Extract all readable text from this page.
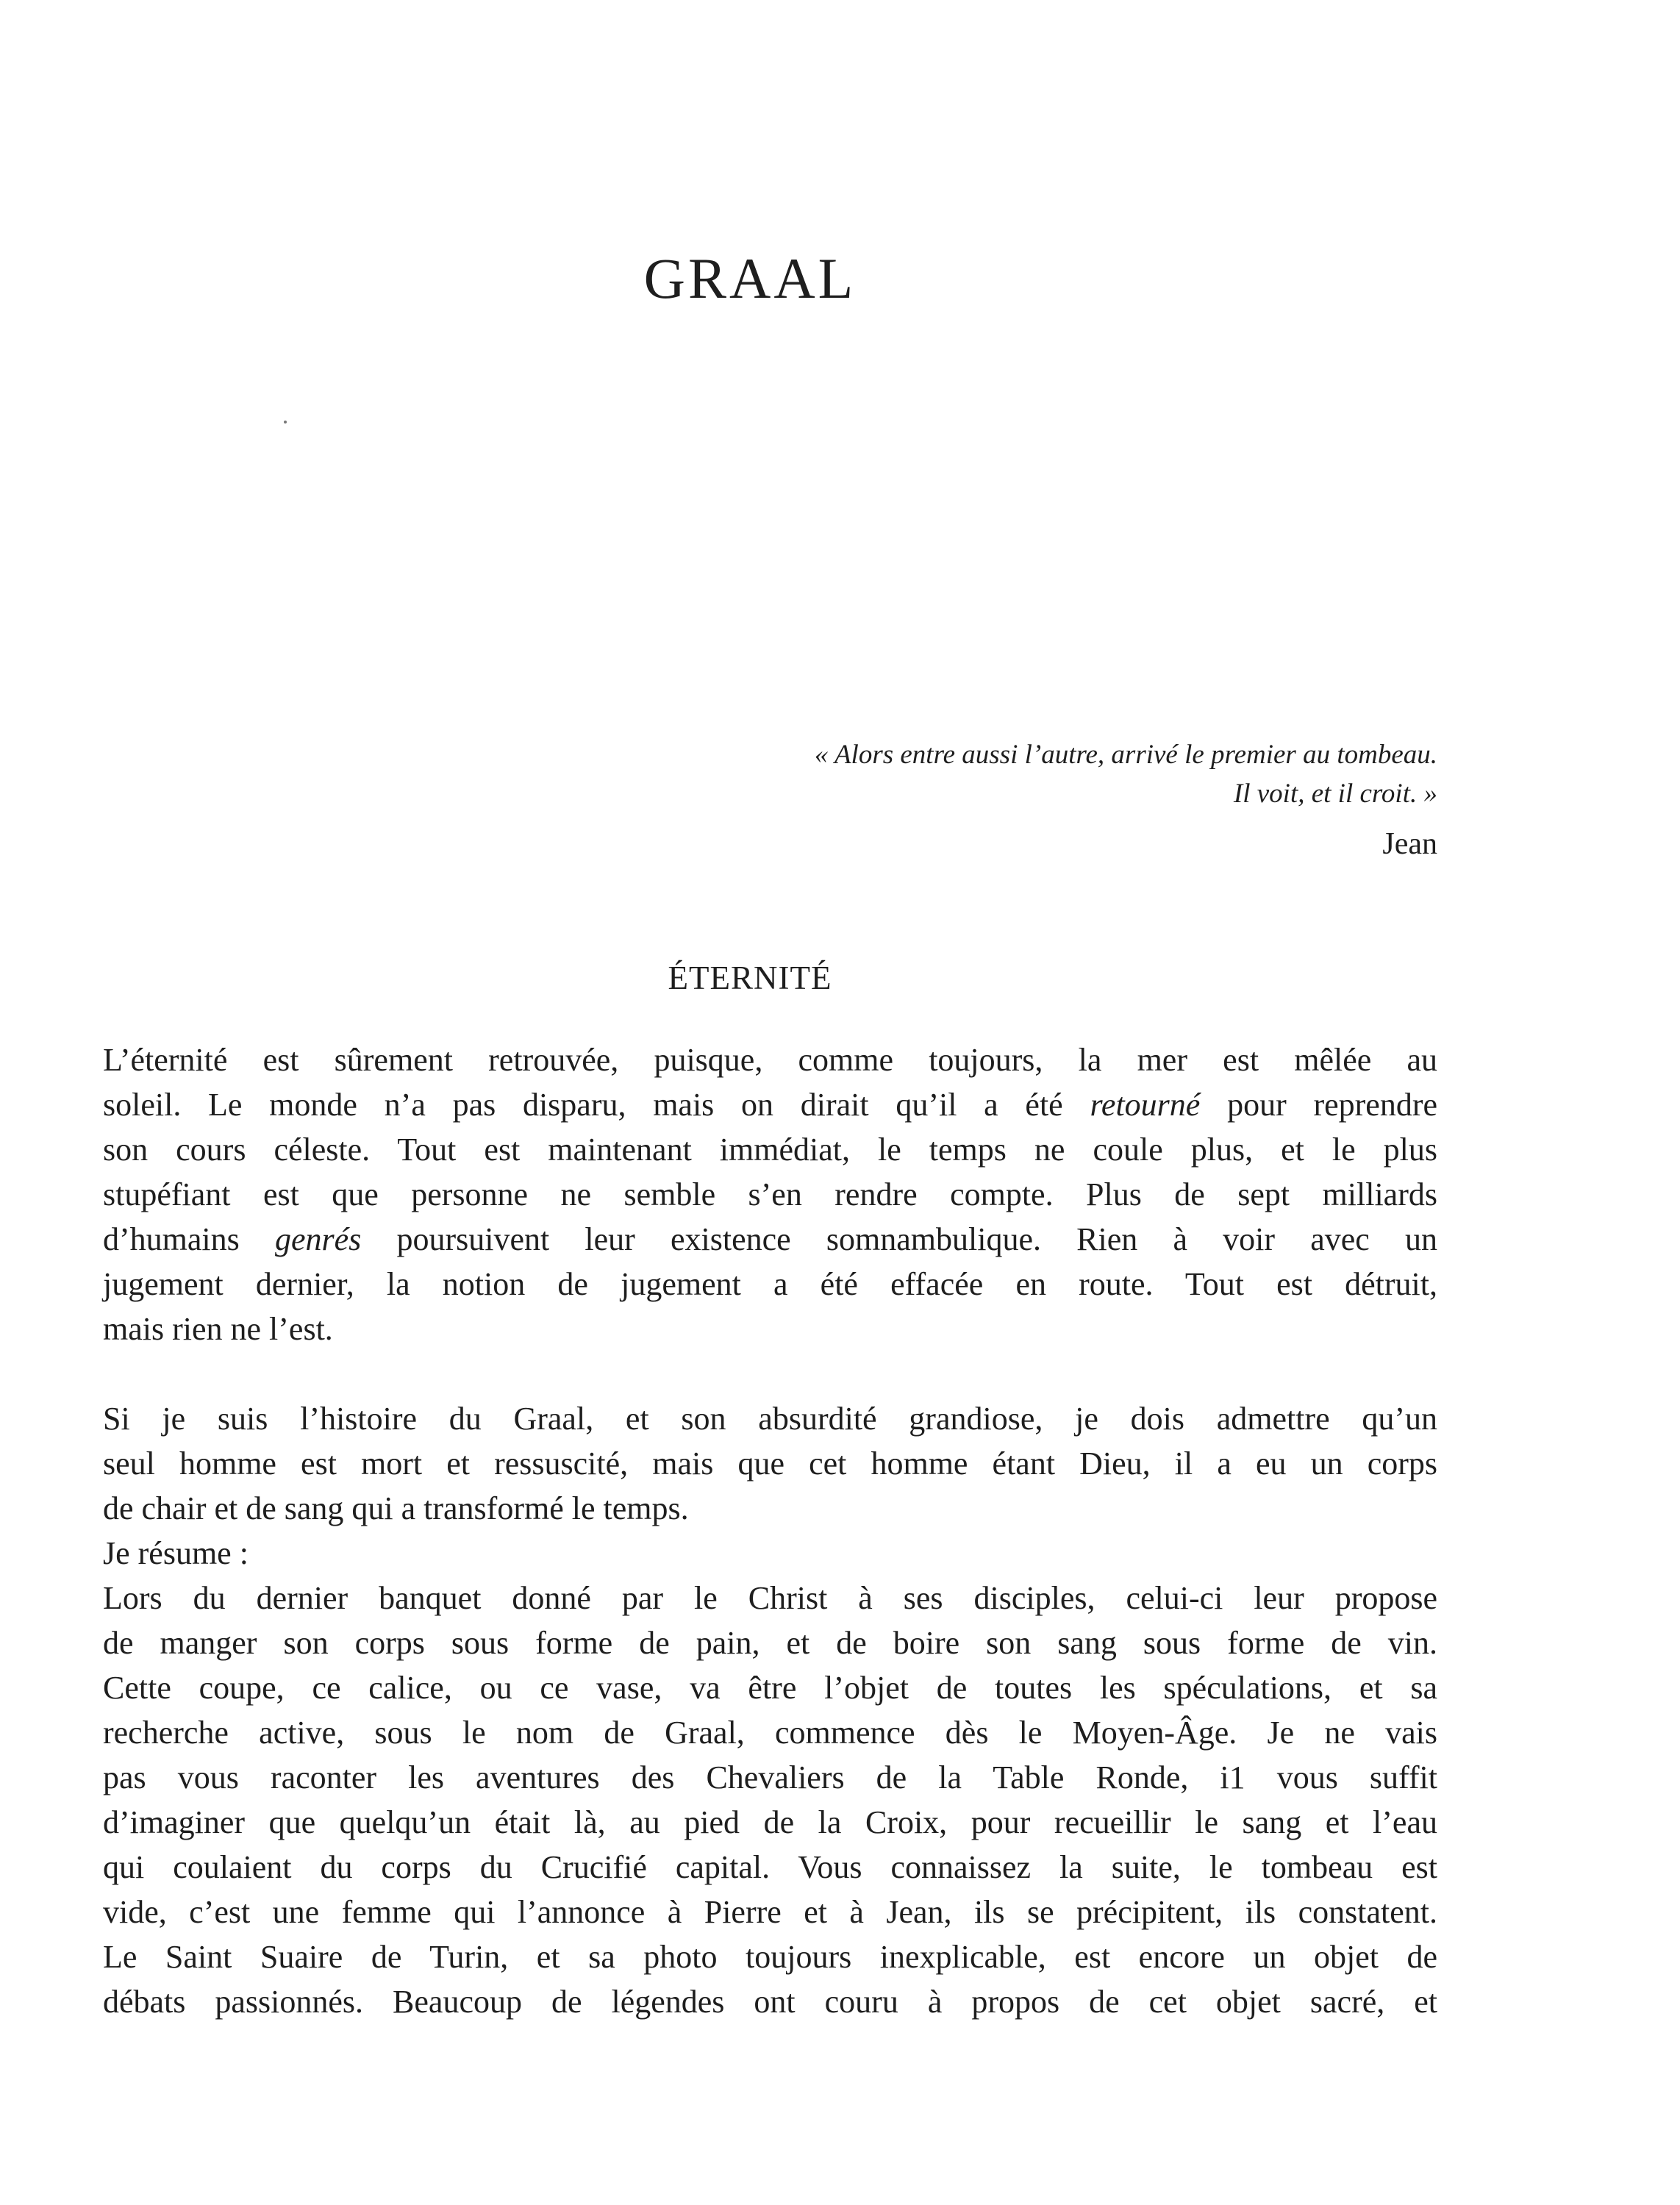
GRAAL
« Alors entre aussi l’autre, arrivé le premier au tombeau.
Il voit, et il croit. »
Jean
ÉTERNITÉ
L’éternité est sûrement retrouvée, puisque, comme toujours, la mer est mêlée au
soleil. Le monde n’a pas disparu, mais on dirait qu’il a été retourné pour reprendre
son cours céleste. Tout est maintenant immédiat, le temps ne coule plus, et le plus
stupéfiant est que personne ne semble s’en rendre compte. Plus de sept milliards
d’humains genrés poursuivent leur existence somnambulique. Rien à voir avec un
jugement dernier, la notion de jugement a été effacée en route. Tout est détruit,
mais rien ne l’est.
Si je suis l’histoire du Graal, et son absurdité grandiose, je dois admettre qu’un
seul homme est mort et ressuscité, mais que cet homme étant Dieu, il a eu un corps
de chair et de sang qui a transformé le temps.
Je résume :
Lors du dernier banquet donné par le Christ à ses disciples, celui-ci leur propose
de manger son corps sous forme de pain, et de boire son sang sous forme de vin.
Cette coupe, ce calice, ou ce vase, va être l’objet de toutes les spéculations, et sa
recherche active, sous le nom de Graal, commence dès le Moyen-Âge. Je ne vais
pas vous raconter les aventures des Chevaliers de la Table Ronde, i1 vous suffit
d’imaginer que quelqu’un était là, au pied de la Croix, pour recueillir le sang et l’eau
qui coulaient du corps du Crucifié capital. Vous connaissez la suite, le tombeau est
vide, c’est une femme qui l’annonce à Pierre et à Jean, ils se précipitent, ils constatent.
Le Saint Suaire de Turin, et sa photo toujours inexplicable, est encore un objet de
débats passionnés. Beaucoup de légendes ont couru à propos de cet objet sacré, et
